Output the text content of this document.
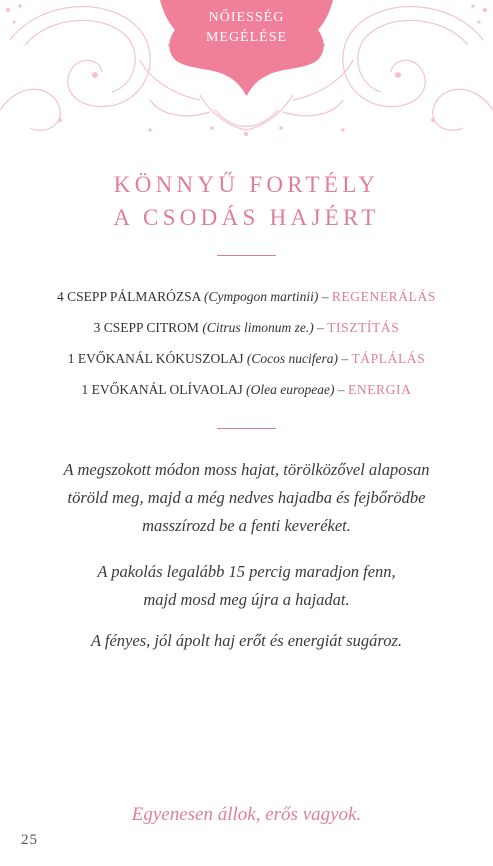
NŐIESSÉG
MEGÉLÉSE
KÖNNYŰ FORTÉLY
A CSODÁS HAJÉRT
4 CSEPP PÁLMARÓZSA (Cympogon martinii) – REGENERÁLÁS
3 CSEPP CITROM (Citrus limonum ze.) – TISZTÍTÁS
1 EVŐKANÁL KÓKUSZOLAJ (Cocos nucifera) – TÁPLÁLÁS
1 EVŐKANÁL OLÍVAOLAJ (Olea europeae) – ENERGIA
A megszokott módon moss hajat, törölközővel alaposan
töröld meg, majd a még nedves hajadba és fejbőrödbe
masszírozd be a fenti keveréket.
A pakolás legalább 15 percig maradjon fenn,
majd mosd meg újra a hajadat.
A fényes, jól ápolt haj erőt és energiát sugároz.
Egyenesen állok, erős vagyok.
25
